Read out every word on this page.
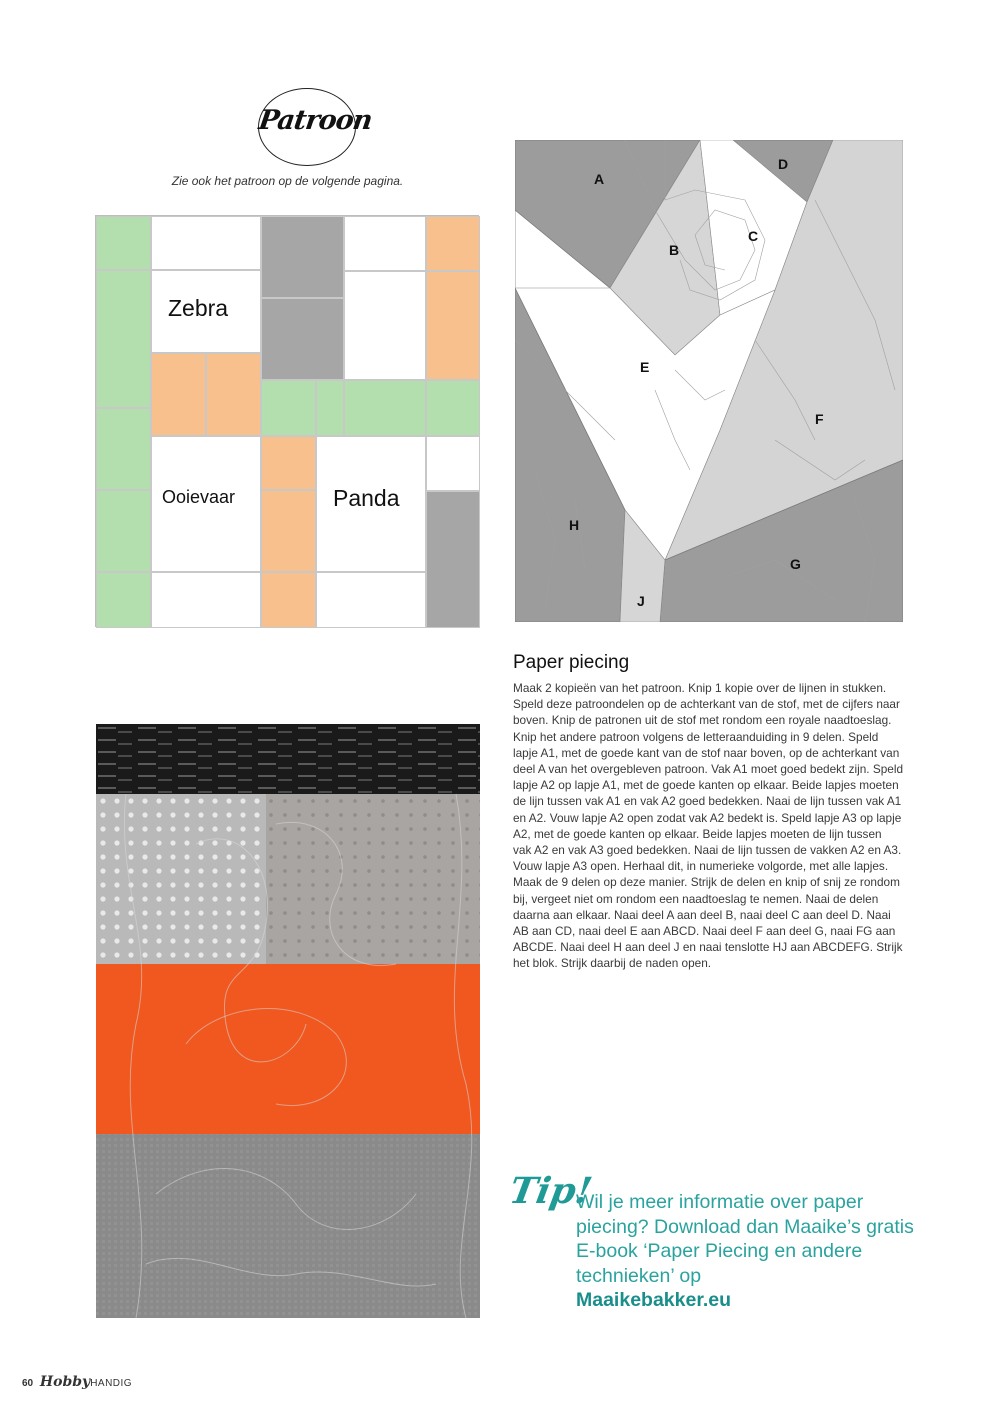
Patroon
Zie ook het patroon op de volgende pagina.
Zebra
Ooievaar	Panda
A
B
C
D
E
F
G
H
J
Paper piecing

Maak 2 kopieën van het patroon. Knip 1 kopie over de lijnen in stukken. Speld deze patroondelen op de achterkant van de stof, met de cijfers naar boven. Knip de patronen uit de stof met rondom een royale naadtoeslag. Knip het andere patroon volgens de letteraanduiding in 9 delen. Speld lapje A1, met de goede kant van de stof naar boven, op de achterkant van deel A van het overgebleven patroon. Vak A1 moet goed bedekt zijn. Speld lapje A2 op lapje A1, met de goede kanten op elkaar. Beide lapjes moeten de lijn tussen vak A1 en vak A2 goed bedekken. Naai de lijn tussen vak A1 en A2. Vouw lapje A2 open zodat vak A2 bedekt is. Speld lapje A3 op lapje A2, met de goede kanten op elkaar. Beide lapjes moeten de lijn tussen vak A2 en vak A3 goed bedekken. Naai de lijn tussen de vakken A2 en A3. Vouw lapje A3 open. Herhaal dit, in numerieke volgorde, met alle lapjes. Maak de 9 delen op deze manier. Strijk de delen en knip of snij ze rondom bij, vergeet niet om rondom een naadtoeslag te nemen. Naai de delen daarna aan elkaar. Naai deel A aan deel B, naai deel C aan deel D. Naai AB aan CD, naai deel E aan ABCD. Naai deel F aan deel G, naai FG aan ABCDE. Naai deel H aan deel J en naai tenslotte HJ aan ABCDEFG. Strijk het blok. Strijk daarbij de naden open.

Tip!

Wil je meer informatie over paper piecing? Download dan Maaike’s gratis E-book ‘Paper Piecing en andere technieken’ op
Maaikebakker.eu

60 HobbyHANDIG
